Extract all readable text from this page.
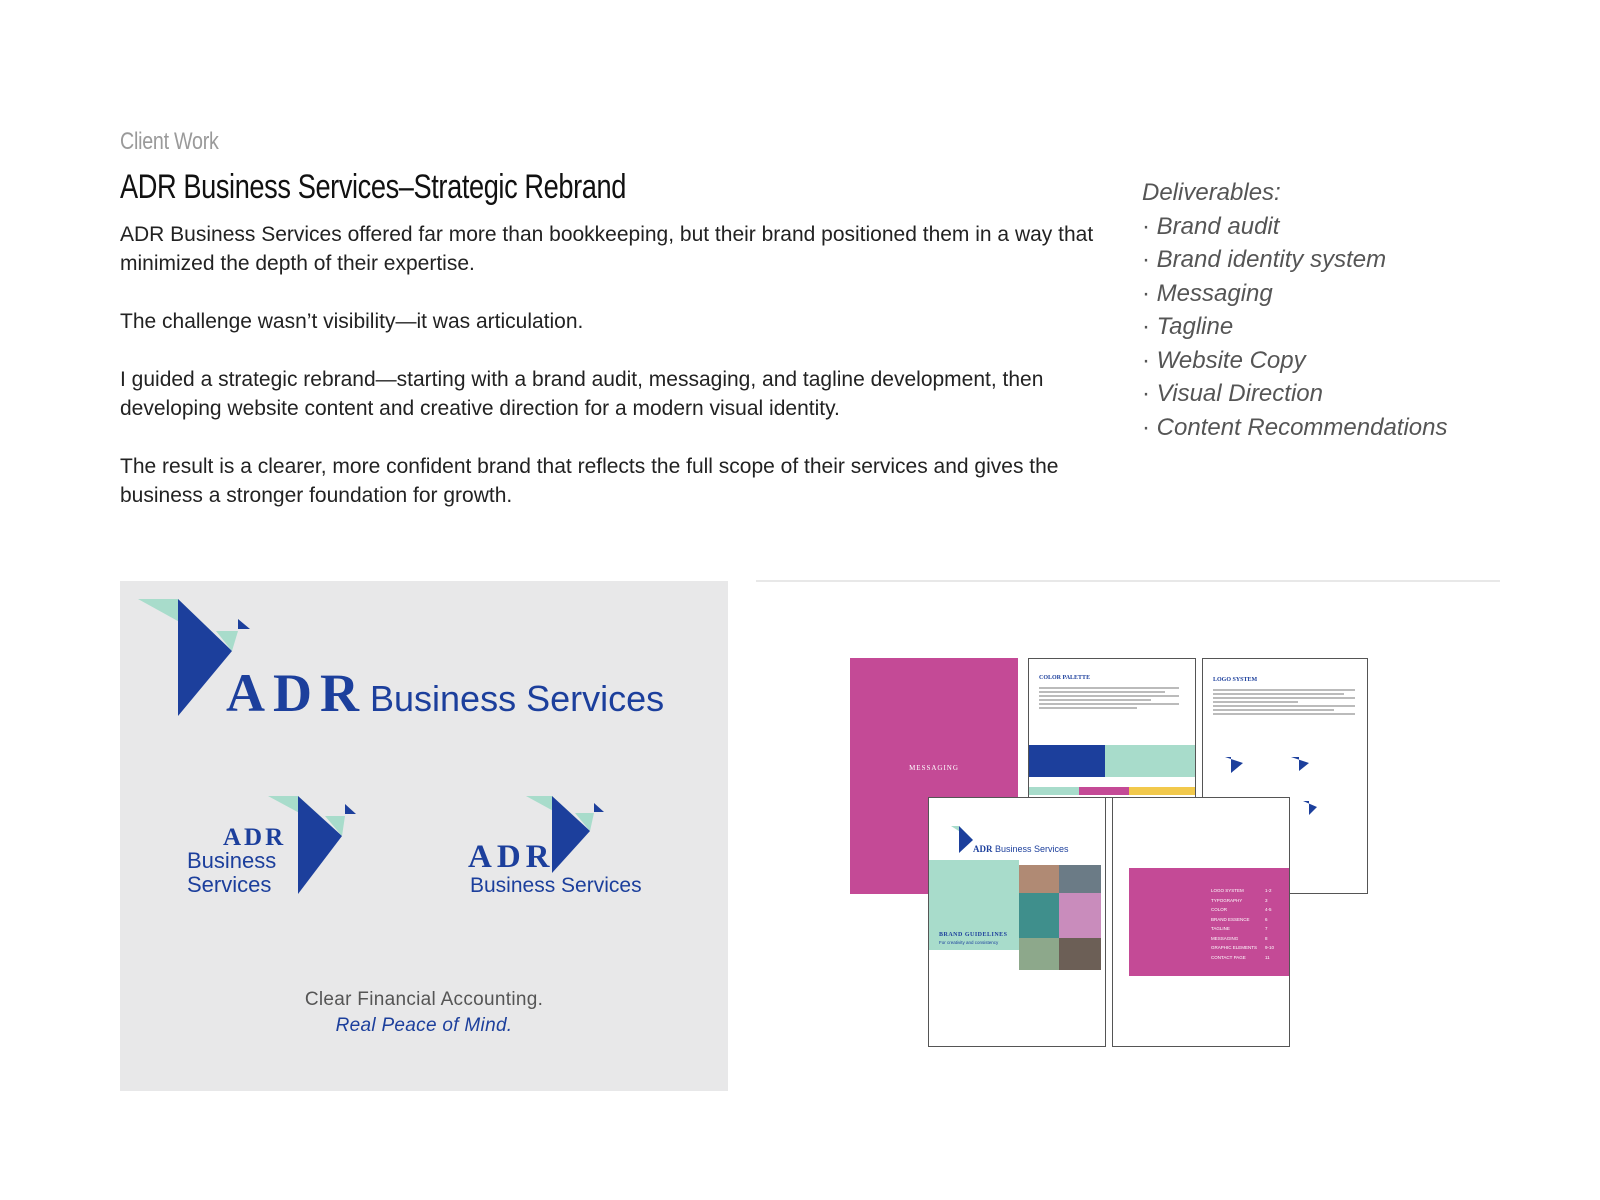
Client Work
ADR Business Services–Strategic Rebrand

ADR Business Services offered far more than bookkeeping, but their brand positioned them in a way that minimized the depth of their expertise.

The challenge wasn’t visibility—it was articulation.

I guided a strategic rebrand—starting with a brand audit, messaging, and tagline development, then developing website content and creative direction for a modern visual identity.

The result is a clearer, more confident brand that reflects the full scope of their services and gives the business a stronger foundation for growth.

Deliverables:
· Brand audit
· Brand identity system
· Messaging
· Tagline
· Website Copy
· Visual Direction
· Content Recommendations
ADR Business Services
ADR
Business
Services
ADR
Business Services
Clear Financial Accounting.
Real Peace of Mind.
MESSAGING
COLOR PALETTE	LOGO SYSTEM
ADR Business Services
BRAND GUIDELINES
For creativity and consistency
LOGO SYSTEM
TYPOGRAPHY
COLOR
BRAND ESSENCE
TAGLINE
MESSAGING
GRAPHIC ELEMENTS
CONTACT PAGE
1-2
3
4-5
6
7
8
9-10
11
